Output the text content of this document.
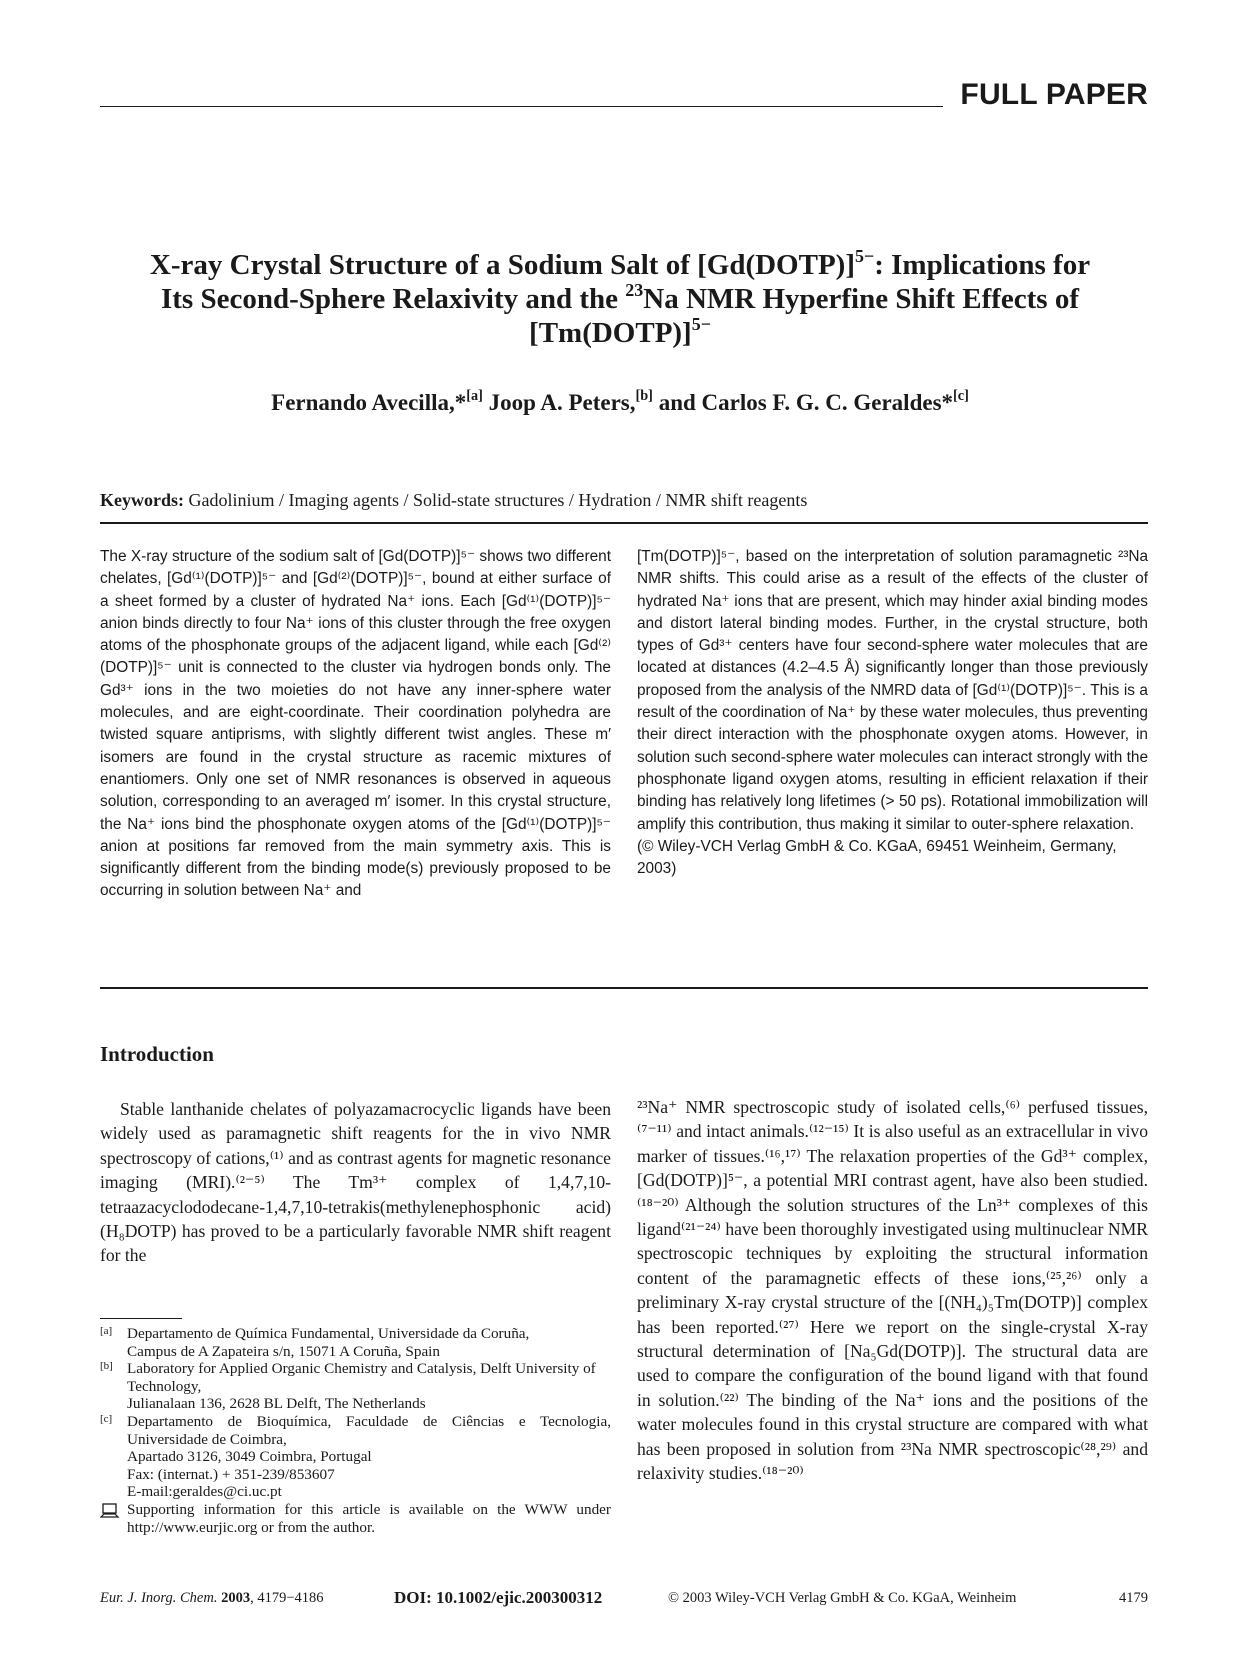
FULL PAPER
X-ray Crystal Structure of a Sodium Salt of [Gd(DOTP)]$^{5-}$: Implications for
Its Second-Sphere Relaxivity and the $^{23}$Na NMR Hyperfine Shift Effects of
[Tm(DOTP)]$^{5-}$
Fernando Avecilla,*[a] Joop A. Peters,[b] and Carlos F. G. C. Geraldes*[c]
Keywords: Gadolinium / Imaging agents / Solid-state structures / Hydration / NMR shift reagents
The X-ray structure of the sodium salt of [Gd(DOTP)]⁵⁻ shows two different chelates, [Gd⁽¹⁾(DOTP)]⁵⁻ and [Gd⁽²⁾(DOTP)]⁵⁻, bound at either surface of a sheet formed by a cluster of hydrated Na⁺ ions. Each [Gd⁽¹⁾(DOTP)]⁵⁻ anion binds directly to four Na⁺ ions of this cluster through the free oxygen atoms of the phosphonate groups of the adjacent ligand, while each [Gd⁽²⁾(DOTP)]⁵⁻ unit is connected to the cluster via hydrogen bonds only. The Gd³⁺ ions in the two moieties do not have any inner-sphere water molecules, and are eight-coordinate. Their coordination polyhedra are twisted square antiprisms, with slightly different twist angles. These m′ isomers are found in the crystal structure as racemic mixtures of enantiomers. Only one set of NMR resonances is observed in aqueous solution, corresponding to an averaged m′ isomer. In this crystal structure, the Na⁺ ions bind the phosphonate oxygen atoms of the [Gd⁽¹⁾(DOTP)]⁵⁻ anion at positions far removed from the main symmetry axis. This is significantly different from the binding mode(s) previously proposed to be occurring in solution between Na⁺ and
[Tm(DOTP)]⁵⁻, based on the interpretation of solution paramagnetic ²³Na NMR shifts. This could arise as a result of the effects of the cluster of hydrated Na⁺ ions that are present, which may hinder axial binding modes and distort lateral binding modes. Further, in the crystal structure, both types of Gd³⁺ centers have four second-sphere water molecules that are located at distances (4.2–4.5 Å) significantly longer than those previously proposed from the analysis of the NMRD data of [Gd⁽¹⁾(DOTP)]⁵⁻. This is a result of the coordination of Na⁺ by these water molecules, thus preventing their direct interaction with the phosphonate oxygen atoms. However, in solution such second-sphere water molecules can interact strongly with the phosphonate ligand oxygen atoms, resulting in efficient relaxation if their binding has relatively long lifetimes (> 50 ps). Rotational immobilization will amplify this contribution, thus making it similar to outer-sphere relaxation.
(© Wiley-VCH Verlag GmbH & Co. KGaA, 69451 Weinheim, Germany, 2003)
Introduction
Stable lanthanide chelates of polyazamacrocyclic ligands have been widely used as paramagnetic shift reagents for the in vivo NMR spectroscopy of cations,⁽¹⁾ and as contrast agents for magnetic resonance imaging (MRI).⁽²⁻⁵⁾ The Tm³⁺ complex of 1,4,7,10-tetraazacyclododecane-1,4,7,10-tetrakis(methylenephosphonic acid) (H₈DOTP) has proved to be a particularly favorable NMR shift reagent for the
²³Na⁺ NMR spectroscopic study of isolated cells,⁽⁶⁾ perfused tissues,⁽⁷⁻¹¹⁾ and intact animals.⁽¹²⁻¹⁵⁾ It is also useful as an extracellular in vivo marker of tissues.⁽¹⁶,¹⁷⁾ The relaxation properties of the Gd³⁺ complex, [Gd(DOTP)]⁵⁻, a potential MRI contrast agent, have also been studied.⁽¹⁸⁻²⁰⁾ Although the solution structures of the Ln³⁺ complexes of this ligand⁽²¹⁻²⁴⁾ have been thoroughly investigated using multinuclear NMR spectroscopic techniques by exploiting the structural information content of the paramagnetic effects of these ions,⁽²⁵,²⁶⁾ only a preliminary X-ray crystal structure of the [(NH₄)₅Tm(DOTP)] complex has been reported.⁽²⁷⁾ Here we report on the single-crystal X-ray structural determination of [Na₅Gd(DOTP)]. The structural data are used to compare the configuration of the bound ligand with that found in solution.⁽²²⁾ The binding of the Na⁺ ions and the positions of the water molecules found in this crystal structure are compared with what has been proposed in solution from ²³Na NMR spectroscopic⁽²⁸,²⁹⁾ and relaxivity studies.⁽¹⁸⁻²⁰⁾
[a] Departamento de Química Fundamental, Universidade da Coruña,
Campus de A Zapateira s/n, 15071 A Coruña, Spain
[b] Laboratory for Applied Organic Chemistry and Catalysis, Delft University of Technology,
Julianalaan 136, 2628 BL Delft, The Netherlands
[c] Departamento de Bioquímica, Faculdade de Ciências e Tecnologia, Universidade de Coimbra,
Apartado 3126, 3049 Coimbra, Portugal
Fax: (internat.) + 351-239/853607
E-mail:geraldes@ci.uc.pt
Supporting information for this article is available on the WWW under http://www.eurjic.org or from the author.
Eur. J. Inorg. Chem. 2003, 4179−4186	DOI: 10.1002/ejic.200300312	© 2003 Wiley-VCH Verlag GmbH & Co. KGaA, Weinheim	4179
